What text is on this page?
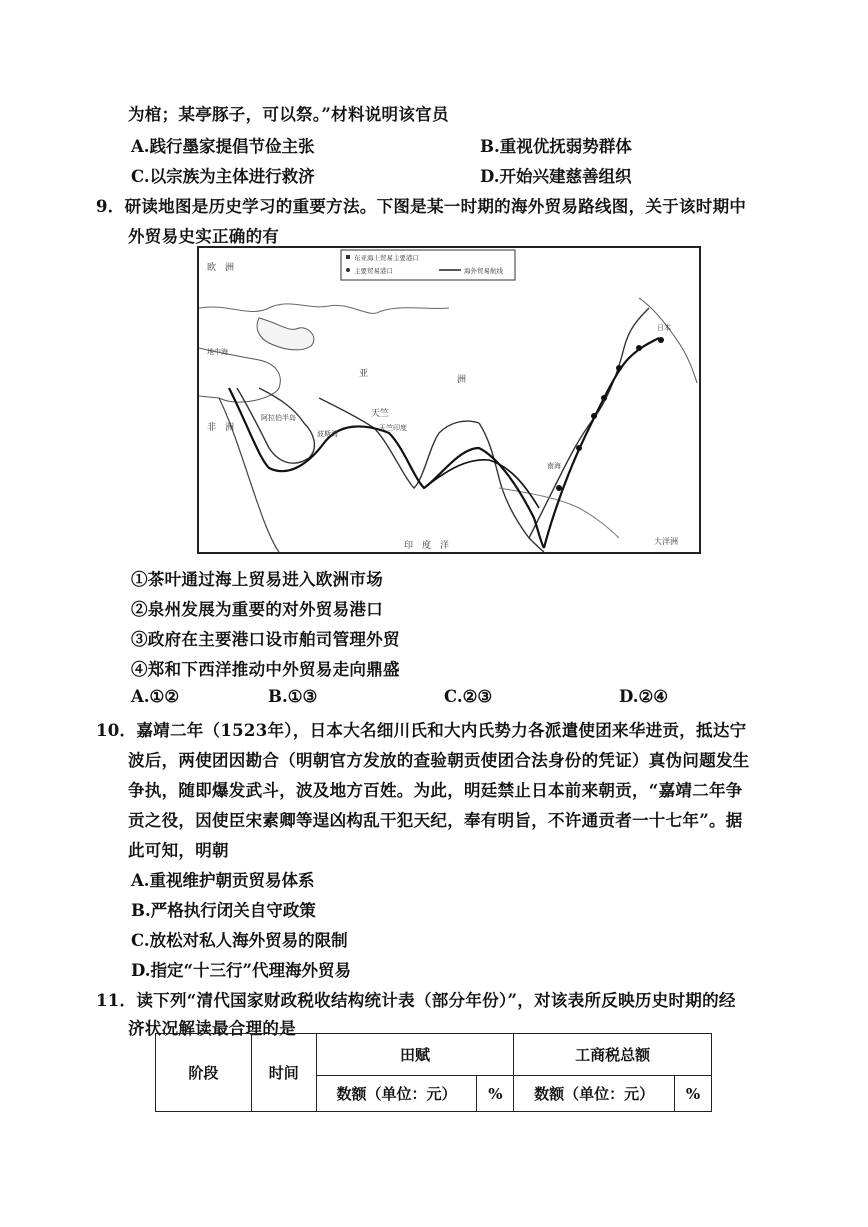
为棺；某亭豚子，可以祭。”材料说明该官员
A.践行墨家提倡节俭主张	B.重视优抚弱势群体
C.以宗族为主体进行救济	D.开始兴建慈善组织
9．研读地图是历史学习的重要方法。下图是某一时期的海外贸易路线图，关于该时期中
外贸易史实正确的有
东亚海上贸易主要港口
主要贸易港口	海外贸易航线
欧　洲
地中海
非　洲
阿拉伯半岛
波斯湾
天竺
天竺印度
亚
洲
日本
大洋洲
南海
印　度　洋
①茶叶通过海上贸易进入欧洲市场
②泉州发展为重要的对外贸易港口
③政府在主要港口设市舶司管理外贸
④郑和下西洋推动中外贸易走向鼎盛
A.①②	B.①③	C.②③	D.②④
10．嘉靖二年（1523年），日本大名细川氏和大内氏势力各派遣使团来华进贡，抵达宁
波后，两使团因勘合（明朝官方发放的查验朝贡使团合法身份的凭证）真伪问题发生
争执，随即爆发武斗，波及地方百姓。为此，明廷禁止日本前来朝贡，“嘉靖二年争
贡之役，因使臣宋素卿等逞凶构乱干犯天纪，奉有明旨，不许通贡者一十七年”。据
此可知，明朝
A.重视维护朝贡贸易体系
B.严格执行闭关自守政策
C.放松对私人海外贸易的限制
D.指定“十三行”代理海外贸易
11．读下列“清代国家财政税收结构统计表（部分年份）”，对该表所反映历史时期的经
济状况解读最合理的是
阶段	时间	田赋		工商税总额	
		数额（单位：元）	%	数额（单位：元）	%
